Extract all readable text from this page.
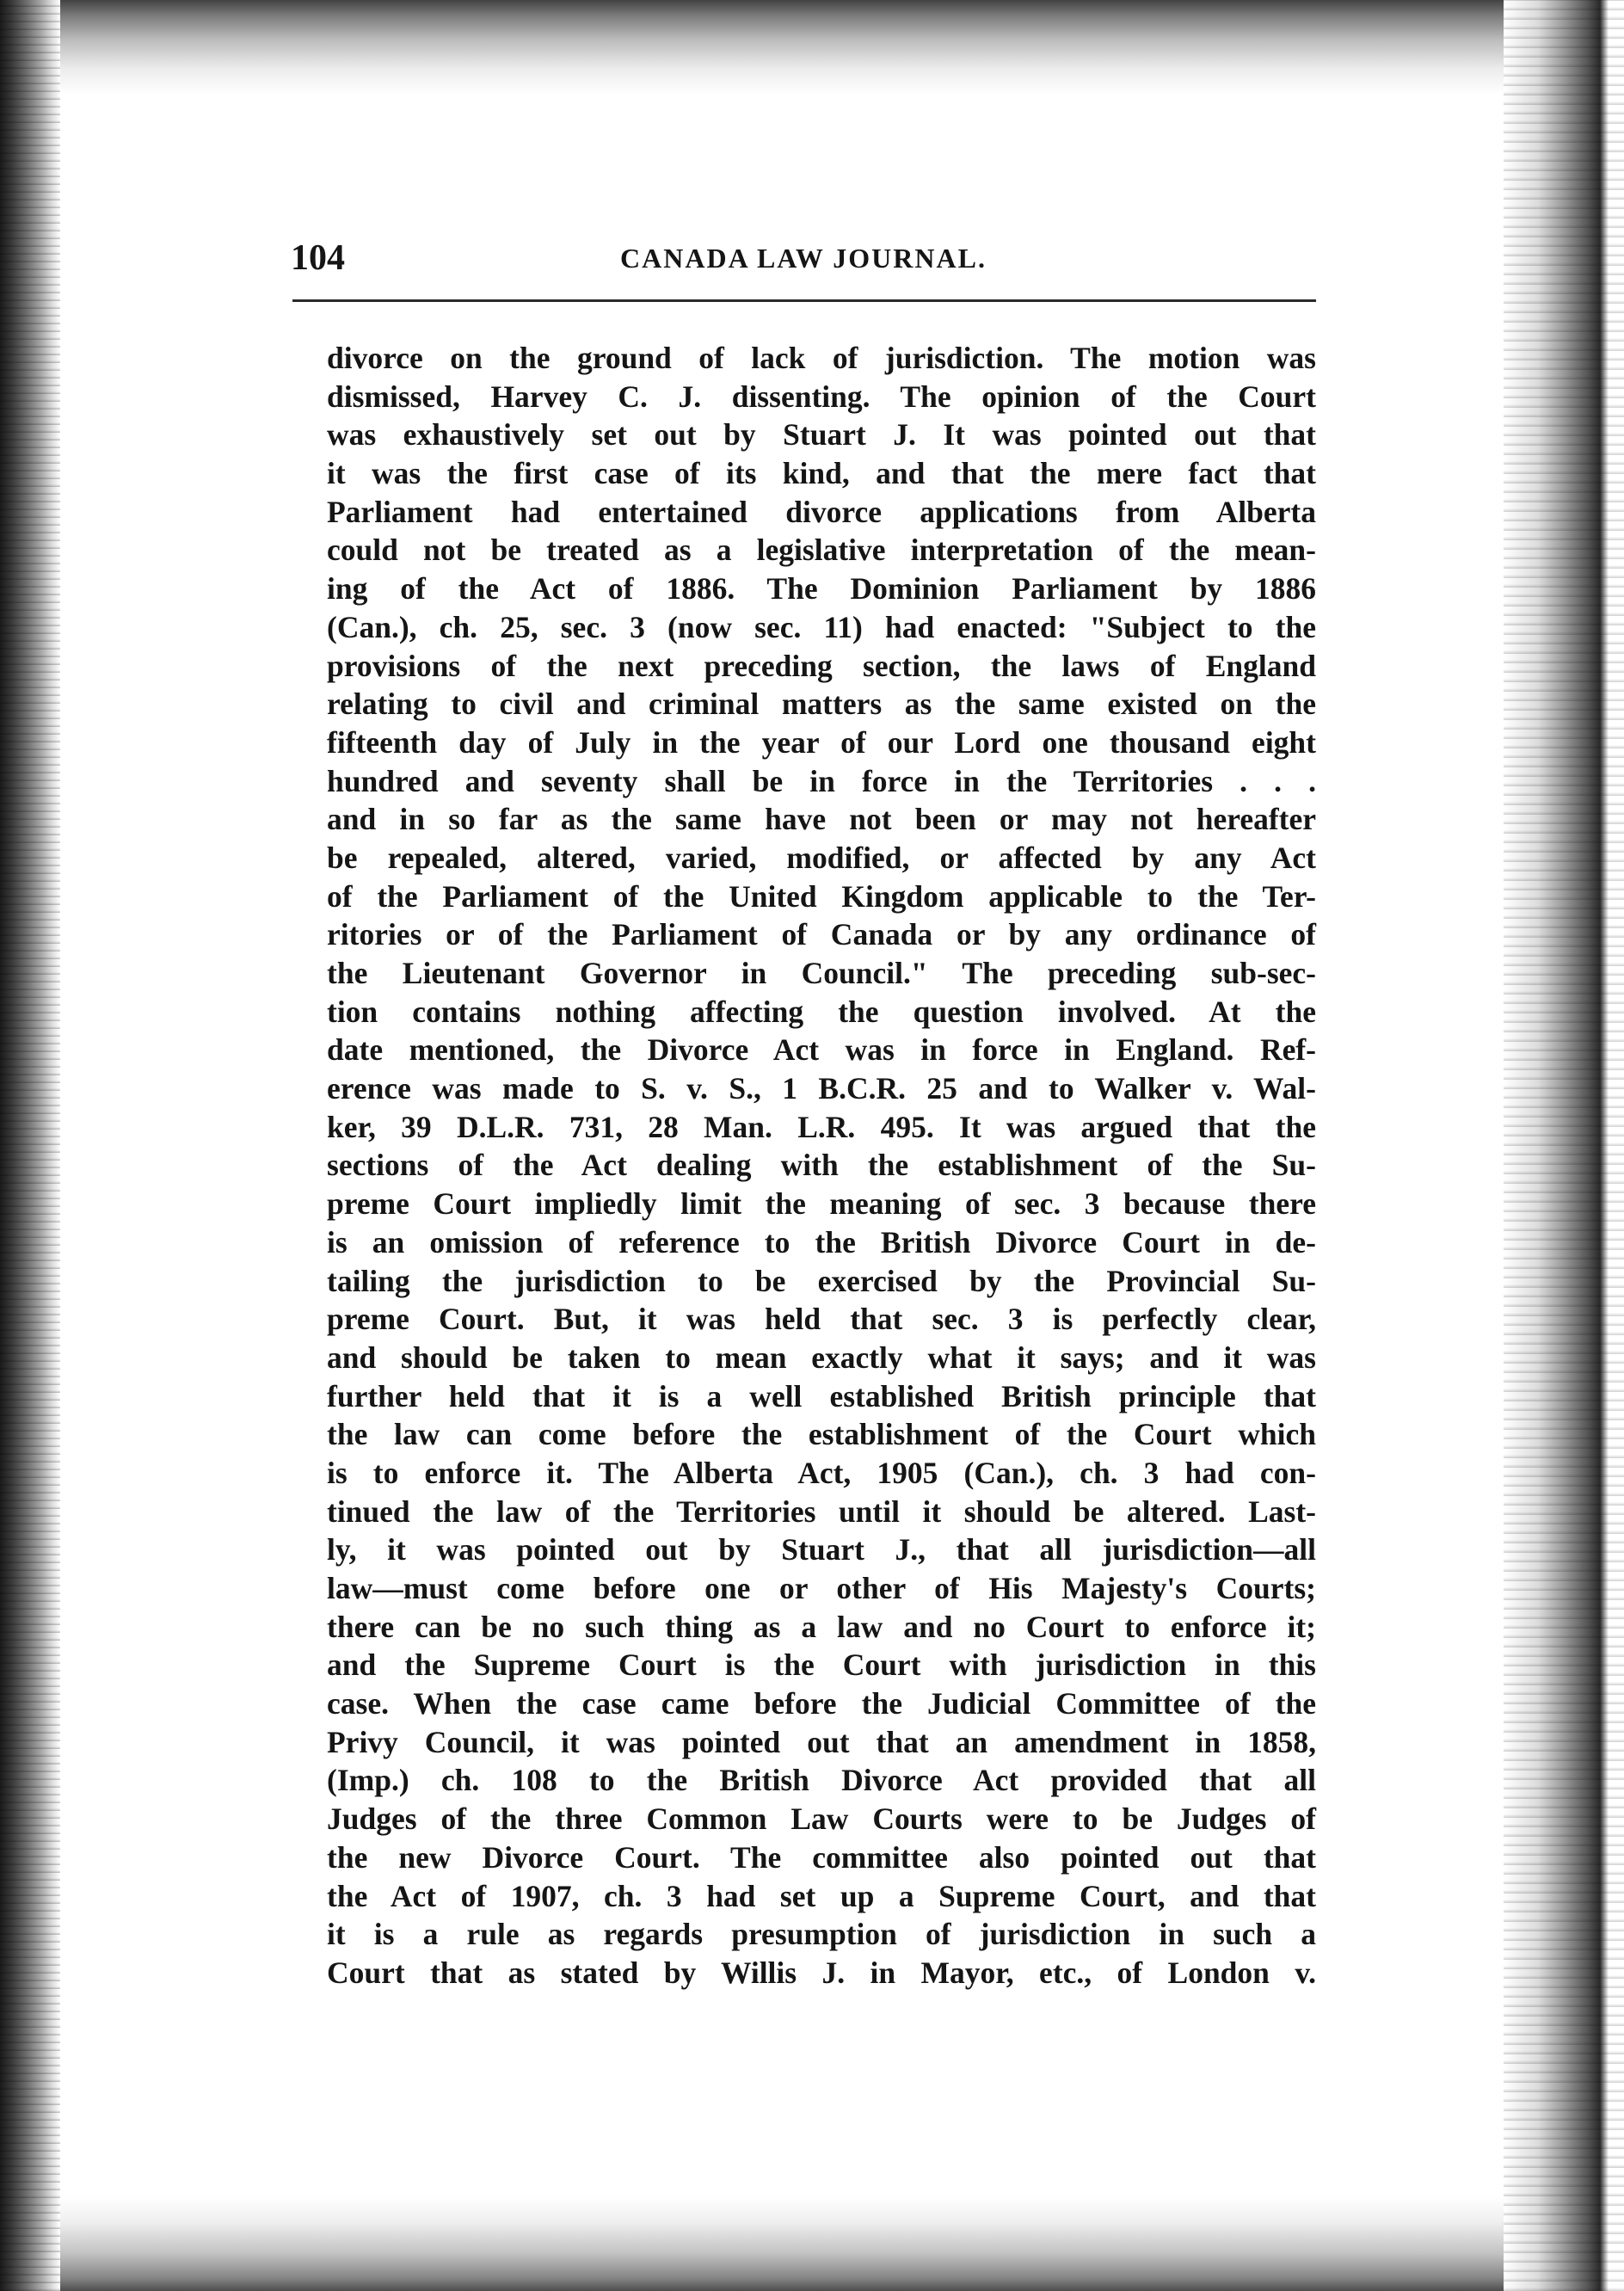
104	CANADA LAW JOURNAL.
divorce on the ground of lack of jurisdiction. The motion was
dismissed, Harvey C. J. dissenting. The opinion of the Court
was exhaustively set out by Stuart J. It was pointed out that
it was the first case of its kind, and that the mere fact that
Parliament had entertained divorce applications from Alberta
could not be treated as a legislative interpretation of the mean-
ing of the Act of 1886. The Dominion Parliament by 1886
(Can.), ch. 25, sec. 3 (now sec. 11) had enacted: "Subject to the
provisions of the next preceding section, the laws of England
relating to civil and criminal matters as the same existed on the
fifteenth day of July in the year of our Lord one thousand eight
hundred and seventy shall be in force in the Territories . . .
and in so far as the same have not been or may not hereafter
be repealed, altered, varied, modified, or affected by any Act
of the Parliament of the United Kingdom applicable to the Ter-
ritories or of the Parliament of Canada or by any ordinance of
the Lieutenant Governor in Council." The preceding sub-sec-
tion contains nothing affecting the question involved. At the
date mentioned, the Divorce Act was in force in England. Ref-
erence was made to S. v. S., 1 B.C.R. 25 and to Walker v. Wal-
ker, 39 D.L.R. 731, 28 Man. L.R. 495. It was argued that the
sections of the Act dealing with the establishment of the Su-
preme Court impliedly limit the meaning of sec. 3 because there
is an omission of reference to the British Divorce Court in de-
tailing the jurisdiction to be exercised by the Provincial Su-
preme Court. But, it was held that sec. 3 is perfectly clear,
and should be taken to mean exactly what it says; and it was
further held that it is a well established British principle that
the law can come before the establishment of the Court which
is to enforce it. The Alberta Act, 1905 (Can.), ch. 3 had con-
tinued the law of the Territories until it should be altered. Last-
ly, it was pointed out by Stuart J., that all jurisdiction—all
law—must come before one or other of His Majesty's Courts;
there can be no such thing as a law and no Court to enforce it;
and the Supreme Court is the Court with jurisdiction in this
case. When the case came before the Judicial Committee of the
Privy Council, it was pointed out that an amendment in 1858,
(Imp.) ch. 108 to the British Divorce Act provided that all
Judges of the three Common Law Courts were to be Judges of
the new Divorce Court. The committee also pointed out that
the Act of 1907, ch. 3 had set up a Supreme Court, and that
it is a rule as regards presumption of jurisdiction in such a
Court that as stated by Willis J. in Mayor, etc., of London v.
